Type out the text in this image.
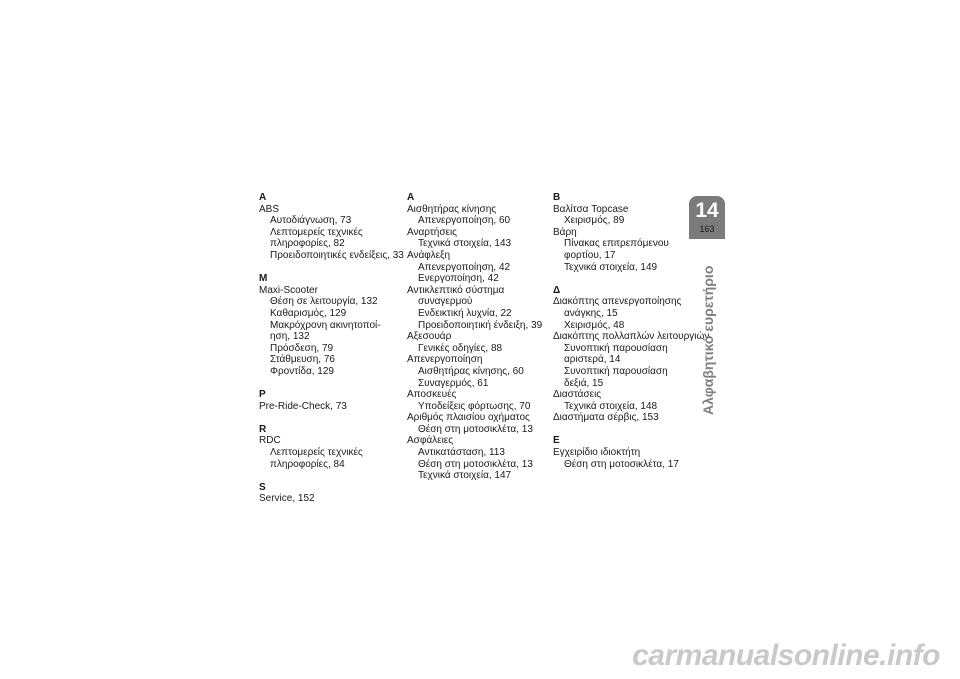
A
ABS
Αυτοδιάγνωση, 73
Λεπτομερείς τεχνικές
πληροφορίες, 82
Προειδοποιητικές ενδείξεις, 33
M
Maxi-Scooter
Θέση σε λειτουργία, 132
Καθαρισμός, 129
Μακρόχρονη ακινητοποί-
ηση, 132
Πρόσδεση, 79
Στάθμευση, 76
Φροντίδα, 129
P
Pre-Ride-Check, 73
R
RDC
Λεπτομερείς τεχνικές
πληροφορίες, 84
S
Service, 152
A
Αισθητήρας κίνησης
Απενεργοποίηση, 60
Αναρτήσεις
Τεχνικά στοιχεία, 143
Ανάφλεξη
Απενεργοποίηση, 42
Ενεργοποίηση, 42
Αντικλεπτικό σύστημα
συναγερμού
Ενδεικτική λυχνία, 22
Προειδοποιητική ένδειξη, 39
Αξεσουάρ
Γενικές οδηγίες, 88
Απενεργοποίηση
Αισθητήρας κίνησης, 60
Συναγερμός, 61
Αποσκευές
Υποδείξεις φόρτωσης, 70
Αριθμός πλαισίου οχήματος
Θέση στη μοτοσικλέτα, 13
Ασφάλειες
Αντικατάσταση, 113
Θέση στη μοτοσικλέτα, 13
Τεχνικά στοιχεία, 147
B
Βαλίτσα Topcase
Χειρισμός, 89
Βάρη
Πίνακας επιτρεπόμενου
φορτίου, 17
Τεχνικά στοιχεία, 149
Δ
Διακόπτης απενεργοποίησης
ανάγκης, 15
Χειρισμός, 48
Διακόπτης πολλαπλών λειτουργιών
Συνοπτική παρουσίαση
αριστερά, 14
Συνοπτική παρουσίαση
δεξιά, 15
Διαστάσεις
Τεχνικά στοιχεία, 148
Διαστήματα σέρβις, 153
E
Εγχειρίδιο ιδιοκτήτη
Θέση στη μοτοσικλέτα, 17
14
163
Αλφαβητικό ευρετήριο
carmanualsonline.info
